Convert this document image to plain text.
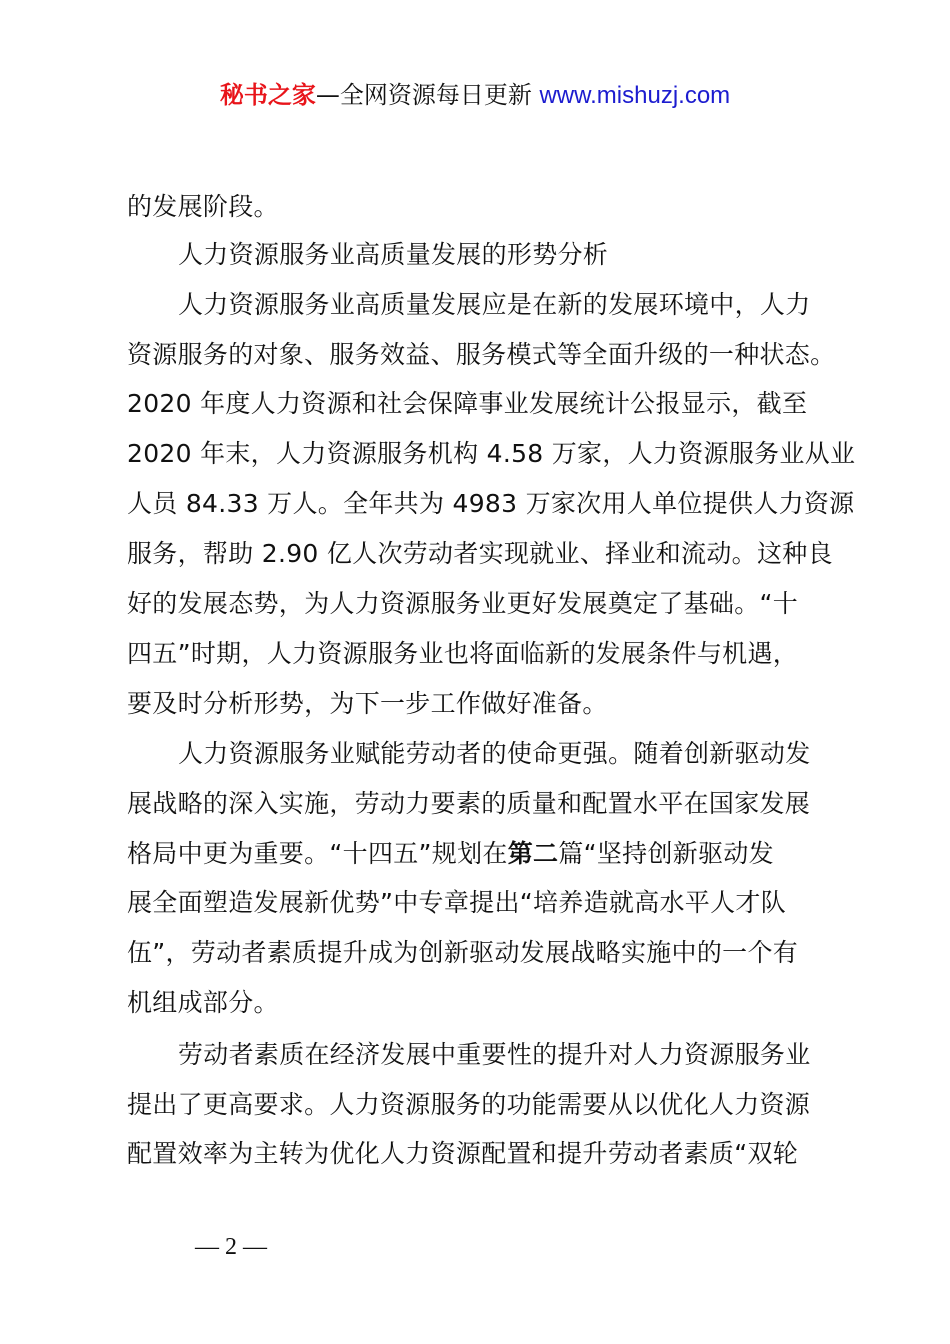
秘书之家—全网资源每日更新 www.mishuzj.com
的发展阶段。
人力资源服务业高质量发展的形势分析
人力资源服务业高质量发展应是在新的发展环境中，人力
资源服务的对象、服务效益、服务模式等全面升级的一种状态。
2020 年度人力资源和社会保障事业发展统计公报显示，截至
2020 年末，人力资源服务机构 4.58 万家，人力资源服务业从业
人员 84.33 万人。全年共为 4983 万家次用人单位提供人力资源
服务，帮助 2.90 亿人次劳动者实现就业、择业和流动。这种良
好的发展态势，为人力资源服务业更好发展奠定了基础。“十
四五”时期，人力资源服务业也将面临新的发展条件与机遇，
要及时分析形势，为下一步工作做好准备。
人力资源服务业赋能劳动者的使命更强。随着创新驱动发
展战略的深入实施，劳动力要素的质量和配置水平在国家发展
格局中更为重要。“十四五”规划在第二篇“坚持创新驱动发
展全面塑造发展新优势”中专章提出“培养造就高水平人才队
伍”，劳动者素质提升成为创新驱动发展战略实施中的一个有
机组成部分。
劳动者素质在经济发展中重要性的提升对人力资源服务业
提出了更高要求。人力资源服务的功能需要从以优化人力资源
配置效率为主转为优化人力资源配置和提升劳动者素质“双轮
— 2 —
